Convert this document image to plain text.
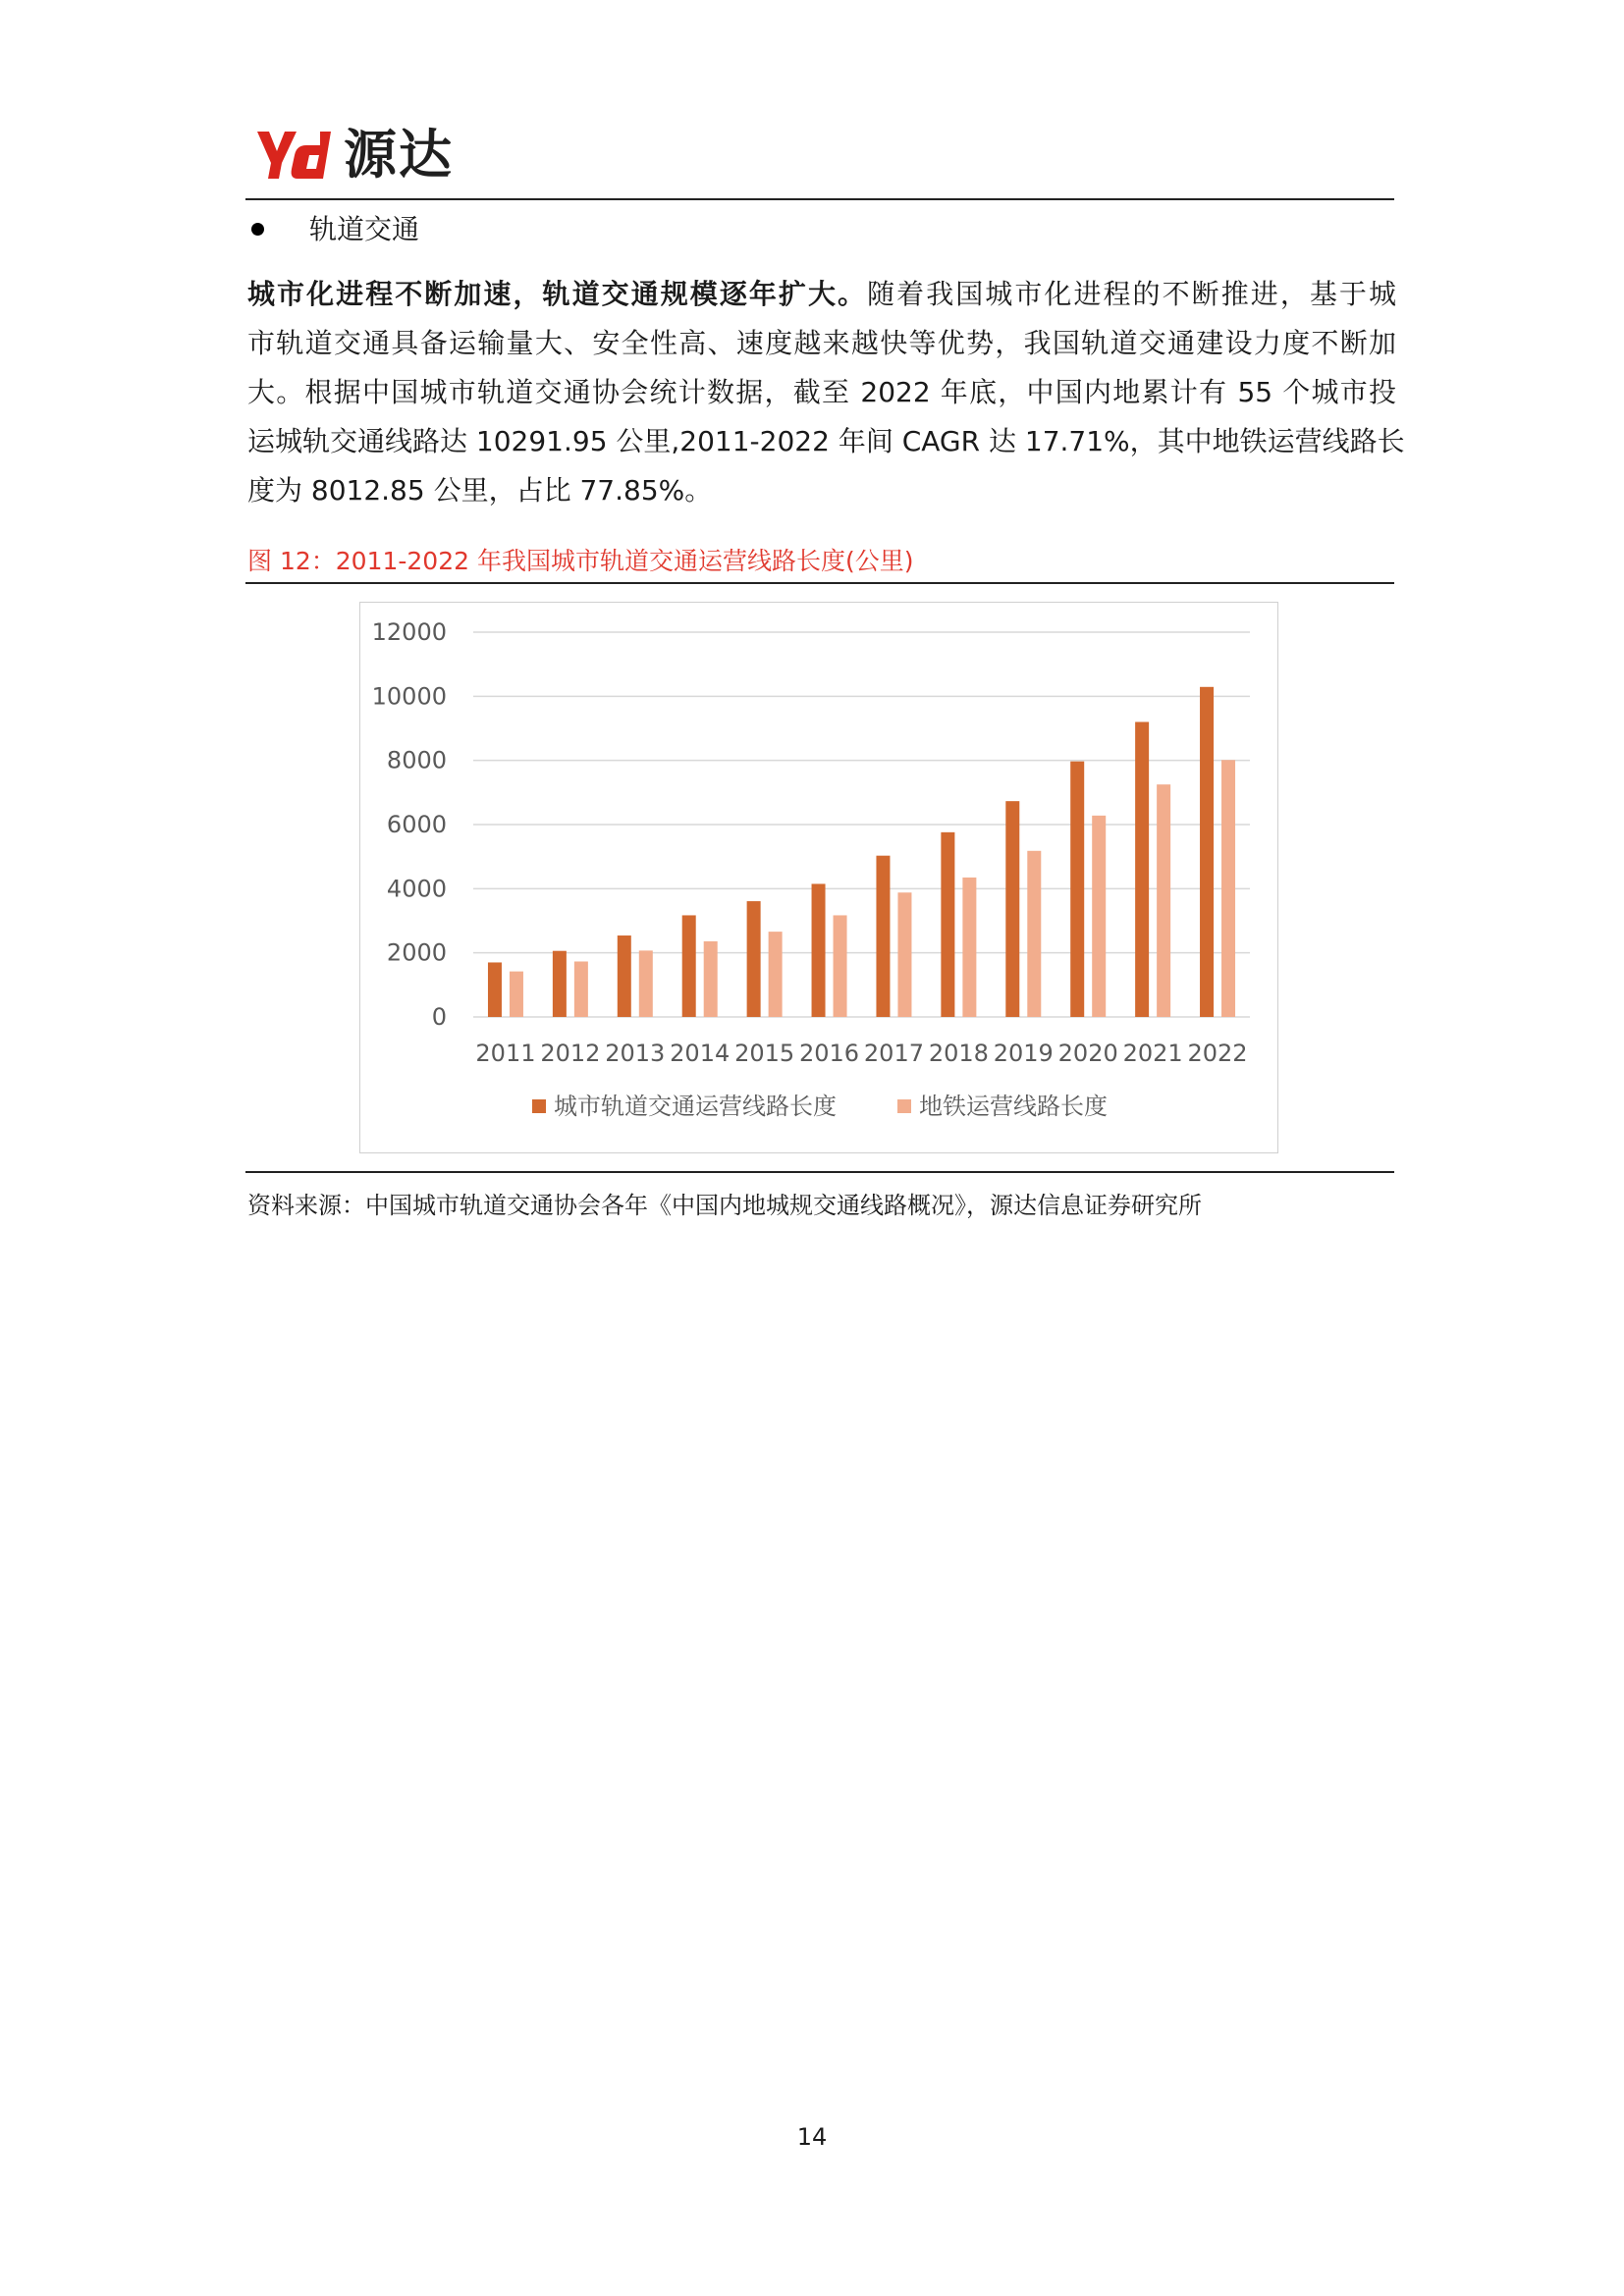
源达
轨道交通
城市化进程不断加速，轨道交通规模逐年扩大。随着我国城市化进程的不断推进，基于城
市轨道交通具备运输量大、安全性高、速度越来越快等优势，我国轨道交通建设力度不断加
大。根据中国城市轨道交通协会统计数据，截至 2022 年底，中国内地累计有 55 个城市投
运城轨交通线路达 10291.95 公里,2011-2022 年间 CAGR 达 17.71%，其中地铁运营线路长
度为 8012.85 公里，占比 77.85%。
图 12：2011-2022 年我国城市轨道交通运营线路长度(公里)
0
2000
4000
6000
8000
10000
12000
2011 2012 2013 2014 2015 2016 2017 2018 2019 2020 2021 2022
城市轨道交通运营线路长度	地铁运营线路长度
资料来源：中国城市轨道交通协会各年《中国内地城规交通线路概况》，源达信息证券研究所
14
